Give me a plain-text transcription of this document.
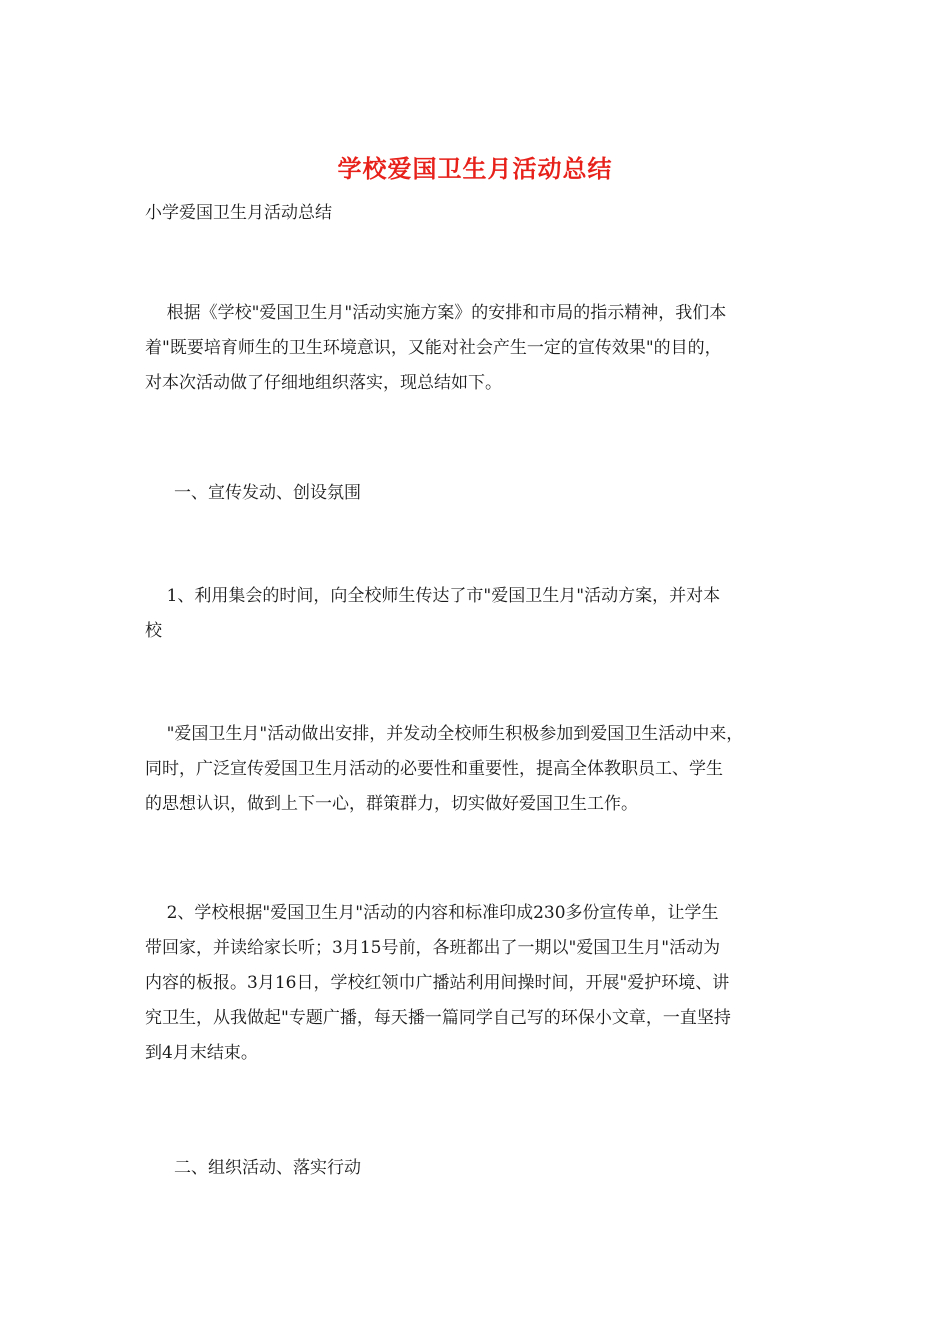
学校爱国卫生月活动总结
小学爱国卫生月活动总结
根据《学校"爱国卫生月"活动实施方案》的安排和市局的指示精神，我们本
着"既要培育师生的卫生环境意识，又能对社会产生一定的宣传效果"的目的，
对本次活动做了仔细地组织落实，现总结如下。
一、宣传发动、创设氛围
1、利用集会的时间，向全校师生传达了市"爱国卫生月"活动方案，并对本
校
"爱国卫生月"活动做出安排，并发动全校师生积极参加到爱国卫生活动中来，
同时，广泛宣传爱国卫生月活动的必要性和重要性，提高全体教职员工、学生
的思想认识，做到上下一心，群策群力，切实做好爱国卫生工作。
2、学校根据"爱国卫生月"活动的内容和标准印成230多份宣传单，让学生
带回家，并读给家长听；3月15号前，各班都出了一期以"爱国卫生月"活动为
内容的板报。3月16日，学校红领巾广播站利用间操时间，开展"爱护环境、讲
究卫生，从我做起"专题广播，每天播一篇同学自己写的环保小文章，一直坚持
到4月末结束。
二、组织活动、落实行动
